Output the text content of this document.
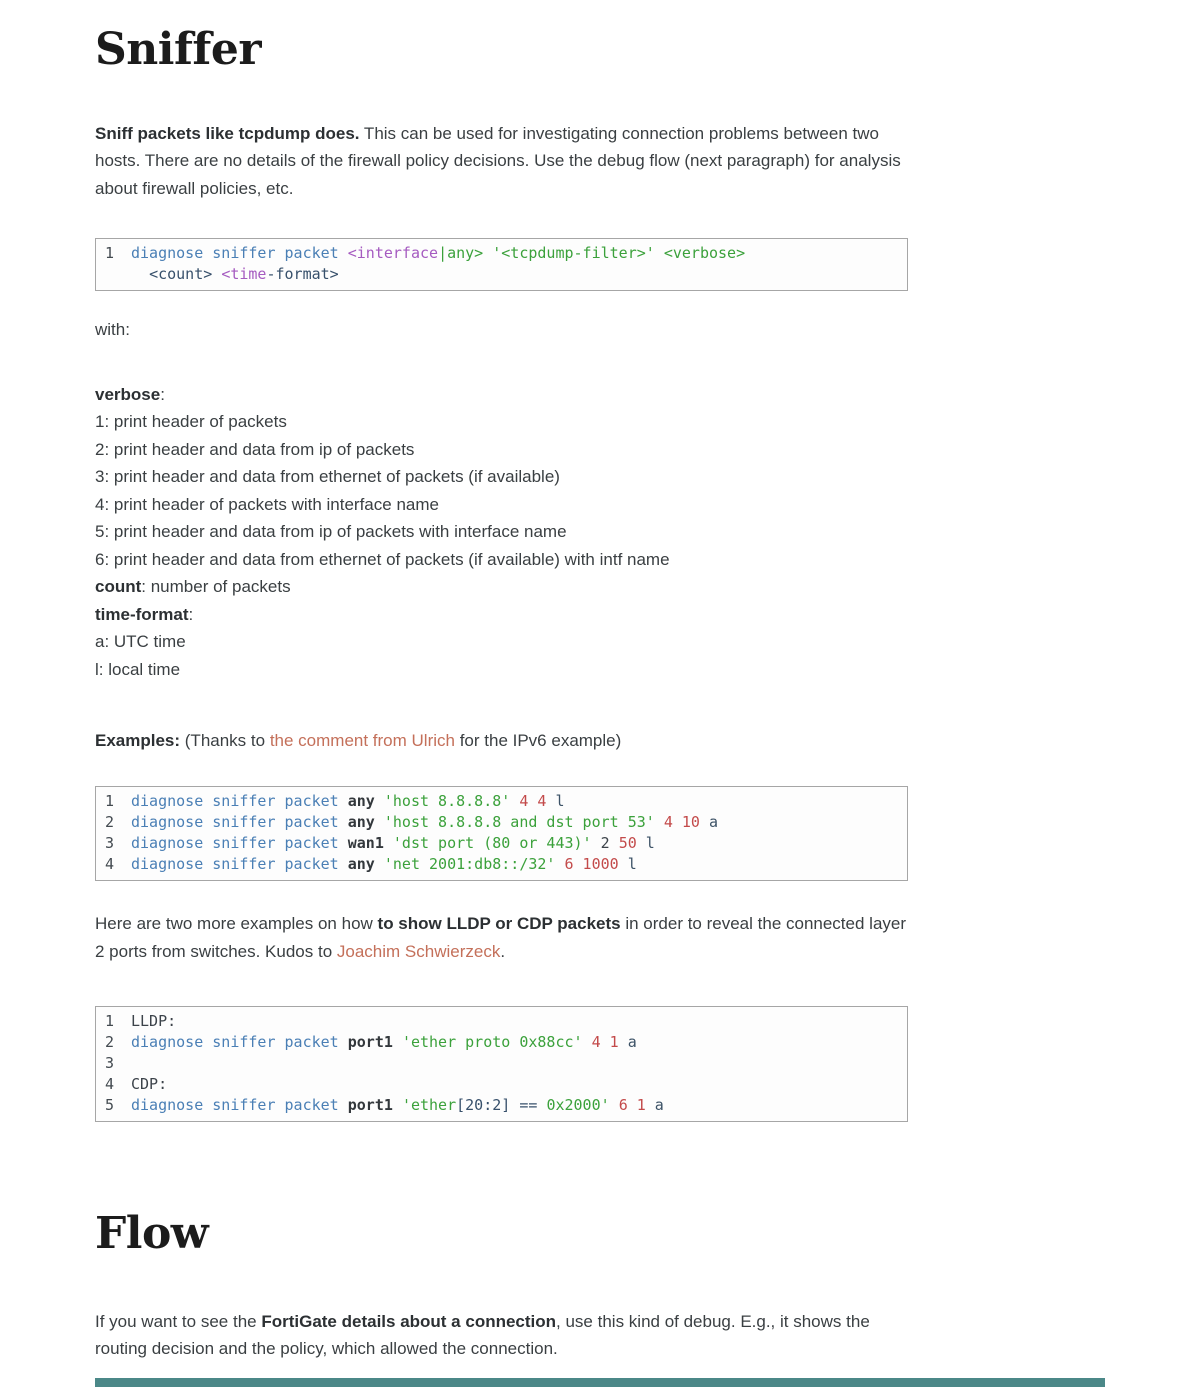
Sniffer

Sniff packets like tcpdump does. This can be used for investigating connection problems between two hosts. There are no details of the firewall policy decisions. Use the debug flow (next paragraph) for analysis about firewall policies, etc.

1	diagnose sniffer packet <interface|any> '<tcpdump-filter>' <verbose>

<count> <time-format>

with:

verbose:

1: print header of packets

2: print header and data from ip of packets

3: print header and data from ethernet of packets (if available)

4: print header of packets with interface name

5: print header and data from ip of packets with interface name

6: print header and data from ethernet of packets (if available) with intf name

count: number of packets

time-format:

a: UTC time

l: local time

Examples: (Thanks to the comment from Ulrich for the IPv6 example)

1	diagnose sniffer packet any 'host 8.8.8.8' 4 4 l
2	diagnose sniffer packet any 'host 8.8.8.8 and dst port 53' 4 10 a
3	diagnose sniffer packet wan1 'dst port (80 or 443)' 2 50 l
4	diagnose sniffer packet any 'net 2001:db8::/32' 6 1000 l

Here are two more examples on how to show LLDP or CDP packets in order to reveal the connected layer 2 ports from switches. Kudos to Joachim Schwierzeck.

1	LLDP:
2	diagnose sniffer packet port1 'ether proto 0x88cc' 4 1 a
3

4	CDP:
5	diagnose sniffer packet port1 'ether[20:2] == 0x2000' 6 1 a
Flow

If you want to see the FortiGate details about a connection, use this kind of debug. E.g., it shows the routing decision and the policy, which allowed the connection.
